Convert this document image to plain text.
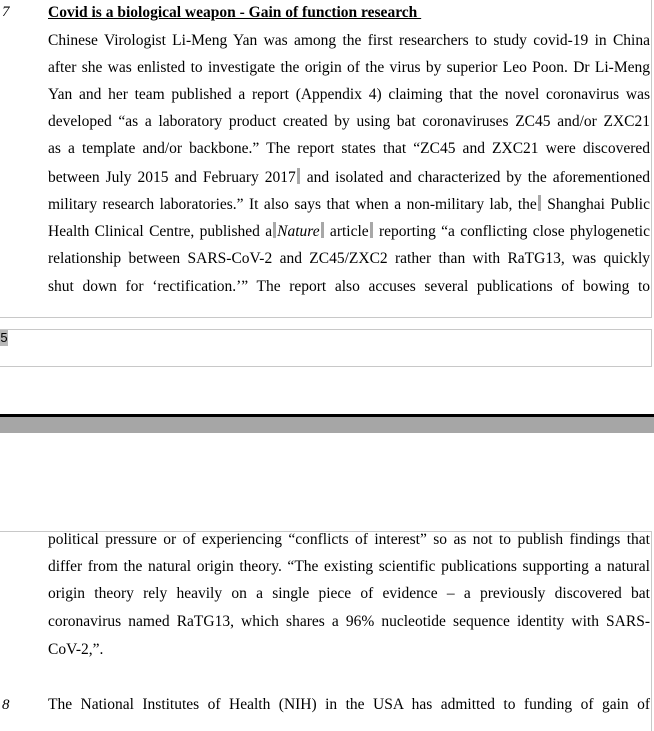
7 Covid is a biological weapon - Gain of function research
Chinese Virologist Li-Meng Yan was among the first researchers to study covid-19 in China
after she was enlisted to investigate the origin of the virus by superior Leo Poon. Dr Li-Meng
Yan and her team published a report (Appendix 4) claiming that the novel coronavirus was
developed “as a laboratory product created by using bat coronaviruses ZC45 and/or ZXC21
as a template and/or backbone.” The report states that “ZC45 and ZXC21 were discovered
between July 2015 and February 2017 and isolated and characterized by the aforementioned
military research laboratories.” It also says that when a non-military lab, the Shanghai Public
Health Clinical Centre, published a Nature article reporting “a conflicting close phylogenetic
relationship between SARS-CoV-2 and ZC45/ZXC2 rather than with RaTG13, was quickly
shut down for ‘rectification.’” The report also accuses several publications of bowing to
5
political pressure or of experiencing “conflicts of interest” so as not to publish findings that
differ from the natural origin theory. “The existing scientific publications supporting a natural
origin theory rely heavily on a single piece of evidence – a previously discovered bat
coronavirus named RaTG13, which shares a 96% nucleotide sequence identity with SARS-
CoV-2,”.
8 The National Institutes of Health (NIH) in the USA has admitted to funding of gain of
